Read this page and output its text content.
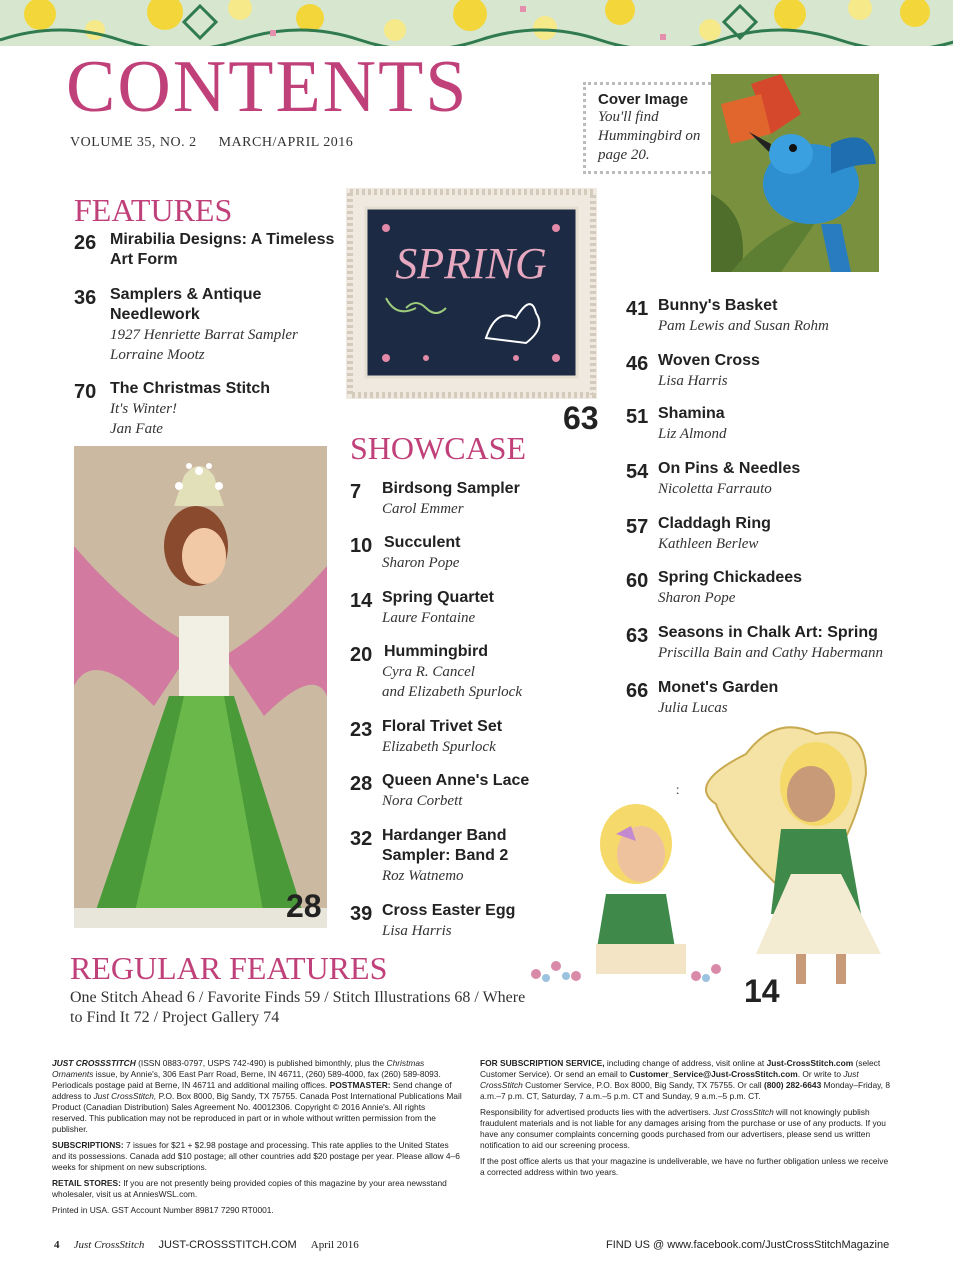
CONTENTS
VOLUME 35, NO. 2 MARCH/APRIL 2016
Cover Image
You'll find Hummingbird on page 20.
FEATURES
26 Mirabilia Designs: A Timeless Art Form
36 Samplers & Antique Needlework
1927 Henriette Barrat Sampler
Lorraine Mootz
70 The Christmas Stitch
It's Winter!
Jan Fate
SPRING
63
28
SHOWCASE
7 Birdsong Sampler
Carol Emmer
10 Succulent
Sharon Pope
14 Spring Quartet
Laure Fontaine
20 Hummingbird
Cyra R. Cancel
and Elizabeth Spurlock
23 Floral Trivet Set
Elizabeth Spurlock
28 Queen Anne's Lace
Nora Corbett
32 Hardanger Band Sampler: Band 2
Roz Watnemo
39 Cross Easter Egg
Lisa Harris
41 Bunny's Basket
Pam Lewis and Susan Rohm
46 Woven Cross
Lisa Harris
51 Shamina
Liz Almond
54 On Pins & Needles
Nicoletta Farrauto
57 Claddagh Ring
Kathleen Berlew
60 Spring Chickadees
Sharon Pope
63 Seasons in Chalk Art: Spring
Priscilla Bain and Cathy Habermann
66 Monet's Garden
Julia Lucas
ː
14
REGULAR FEATURES
One Stitch Ahead 6 / Favorite Finds 59 / Stitch Illustrations 68 / Where to Find It 72 / Project Gallery 74

JUST CROSSSTITCH (ISSN 0883-0797, USPS 742-490) is published bimonthly, plus the Christmas Ornaments issue, by Annie's, 306 East Parr Road, Berne, IN 46711, (260) 589-4000, fax (260) 589-8093. Periodicals postage paid at Berne, IN 46711 and additional mailing offices. POSTMASTER: Send change of address to Just CrossStitch, P.O. Box 8000, Big Sandy, TX 75755. Canada Post International Publications Mail Product (Canadian Distribution) Sales Agreement No. 40012306. Copyright © 2016 Annie's. All rights reserved. This publication may not be reproduced in part or in whole without written permission from the publisher.

SUBSCRIPTIONS: 7 issues for $21 + $2.98 postage and processing. This rate applies to the United States and its possessions. Canada add $10 postage; all other countries add $20 postage per year. Please allow 4–6 weeks for shipment on new subscriptions.

RETAIL STORES: If you are not presently being provided copies of this magazine by your area newsstand wholesaler, visit us at AnniesWSL.com.

Printed in USA. GST Account Number 89817 7290 RT0001.

FOR SUBSCRIPTION SERVICE, including change of address, visit online at Just-CrossStitch.com (select Customer Service). Or send an email to Customer_Service@Just-CrossStitch.com. Or write to Just CrossStitch Customer Service, P.O. Box 8000, Big Sandy, TX 75755. Or call (800) 282-6643 Monday–Friday, 8 a.m.–7 p.m. CT, Saturday, 7 a.m.–5 p.m. CT and Sunday, 9 a.m.–5 p.m. CT.

Responsibility for advertised products lies with the advertisers. Just CrossStitch will not knowingly publish fraudulent materials and is not liable for any damages arising from the purchase or use of any products. If you have any consumer complaints concerning goods purchased from our advertisers, please send us written notification to aid our screening process.

If the post office alerts us that your magazine is undeliverable, we have no further obligation unless we receive a corrected address within two years.

4 Just CrossStitch JUST-CROSSSTITCH.COM April 2016	FIND US @ www.facebook.com/JustCrossStitchMagazine
